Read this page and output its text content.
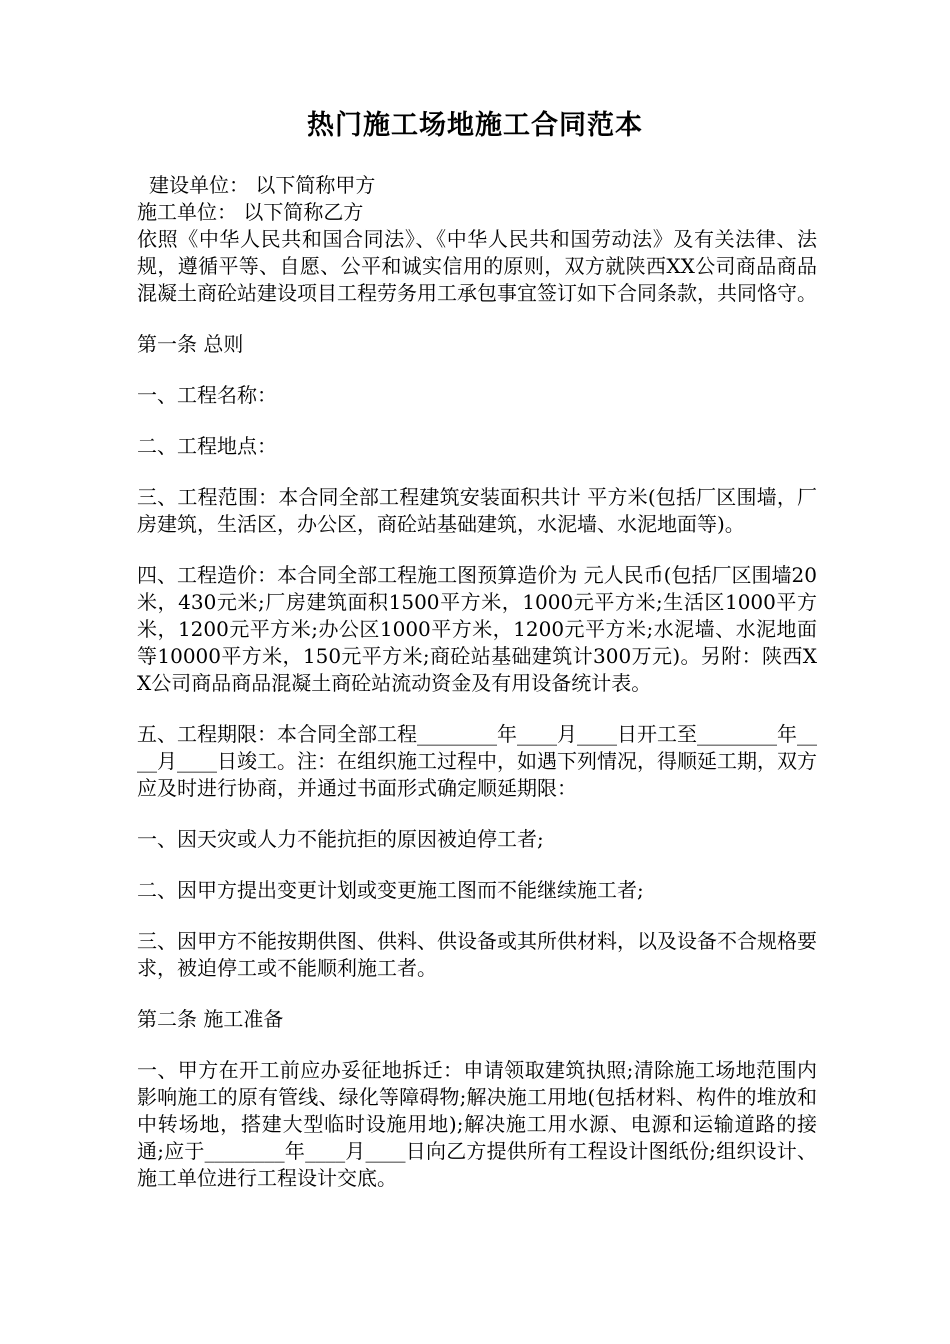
热门施工场地施工合同范本

建设单位： 以下简称甲方

施工单位： 以下简称乙方

依照《中华人民共和国合同法》、《中华人民共和国劳动法》及有关法律、法规，遵循平等、自愿、公平和诚实信用的原则，双方就陕西XX公司商品商品混凝土商砼站建设项目工程劳务用工承包事宜签订如下合同条款，共同恪守。

第一条 总则

一、工程名称：

二、工程地点：

三、工程范围：本合同全部工程建筑安装面积共计 平方米(包括厂区围墙，厂房建筑，生活区，办公区，商砼站基础建筑，水泥墙、水泥地面等)。

四、工程造价：本合同全部工程施工图预算造价为 元人民币(包括厂区围墙20米，430元米;厂房建筑面积1500平方米，1000元平方米;生活区1000平方米，1200元平方米;办公区1000平方米，1200元平方米;水泥墙、水泥地面等10000平方米，150元平方米;商砼站基础建筑计300万元)。另附：陕西XX公司商品商品混凝土商砼站流动资金及有用设备统计表。

五、工程期限：本合同全部工程________年____月____日开工至________年____月____日竣工。注：在组织施工过程中，如遇下列情况，得顺延工期，双方应及时进行协商，并通过书面形式确定顺延期限：

一、因天灾或人力不能抗拒的原因被迫停工者;

二、因甲方提出变更计划或变更施工图而不能继续施工者;

三、因甲方不能按期供图、供料、供设备或其所供材料，以及设备不合规格要求，被迫停工或不能顺利施工者。

第二条 施工准备

一、甲方在开工前应办妥征地拆迁：申请领取建筑执照;清除施工场地范围内影响施工的原有管线、绿化等障碍物;解决施工用地(包括材料、构件的堆放和中转场地，搭建大型临时设施用地);解决施工用水源、电源和运输道路的接通;应于________年____月____日向乙方提供所有工程设计图纸份;组织设计、施工单位进行工程设计交底。
